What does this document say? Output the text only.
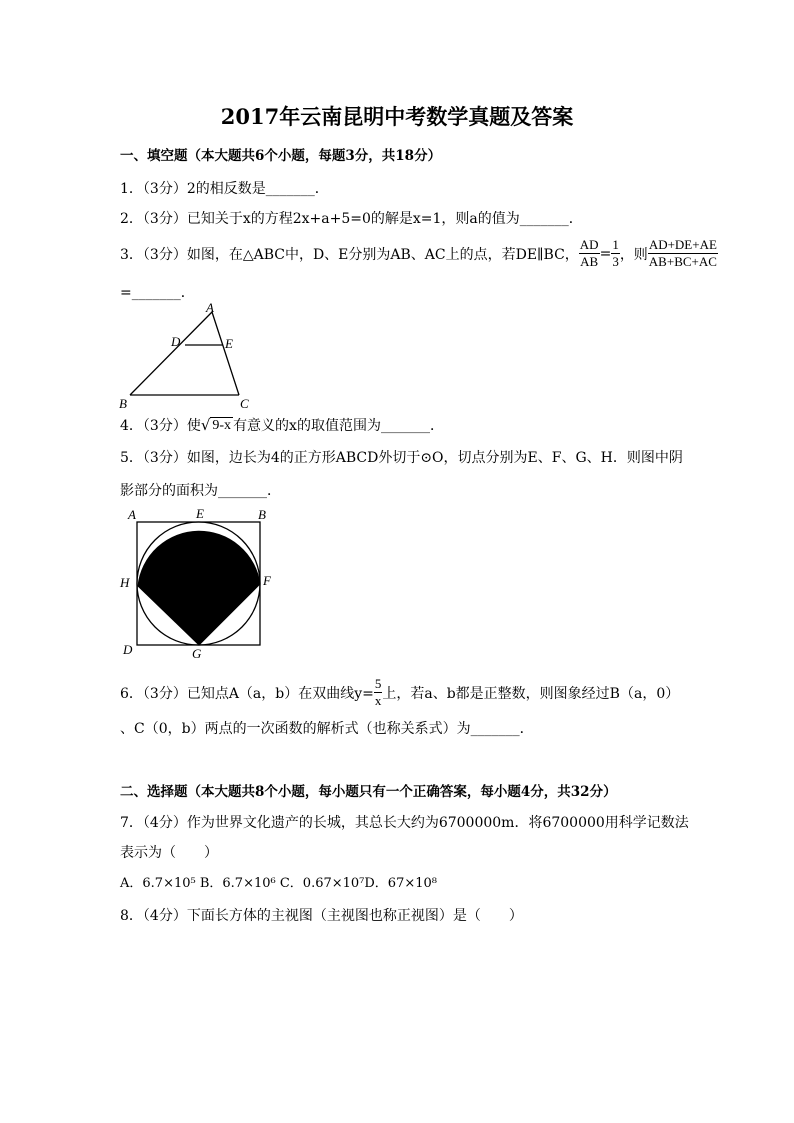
2017年云南昆明中考数学真题及答案
一、填空题（本大题共6个小题，每题3分，共18分）
1．（3分）2的相反数是_______．
2．（3分）已知关于x的方程2x+a+5=0的解是x=1，则a的值为_______．
3．（3分）如图，在△ABC中，D、E分别为AB、AC上的点，若DE∥BC， $\frac{AD}{AB} = \frac{1}{3}$ ，则 $\frac{AD+DE+AE}{AB+BC+AC}$
=_______．
A
D	E
B	C
4．（3分）使 √ 9-x 有意义的x的取值范围为_______．
5．（3分）如图，边长为4的正方形ABCD外切于⊙O，切点分别为E、F、G、H．则图中阴
影部分的面积为_______．
A	E	B
H	F
D	G
6．（3分）已知点A（a，b）在双曲线$y= \frac{5}{x}$ 上，若a、b都是正整数，则图象经过B（a，0）
、C（0，b）两点的一次函数的解析式（也称关系式）为_______．
二、选择题（本大题共8个小题，每小题只有一个正确答案，每小题4分，共32分）
7．（4分）作为世界文化遗产的长城，其总长大约为6700000m．将6700000用科学记数法
表示为（　　）
A．6.7×10⁵ B．6.7×10⁶ C．0.67×10⁷D．67×10⁸
8．（4分）下面长方体的主视图（主视图也称正视图）是（　　）
